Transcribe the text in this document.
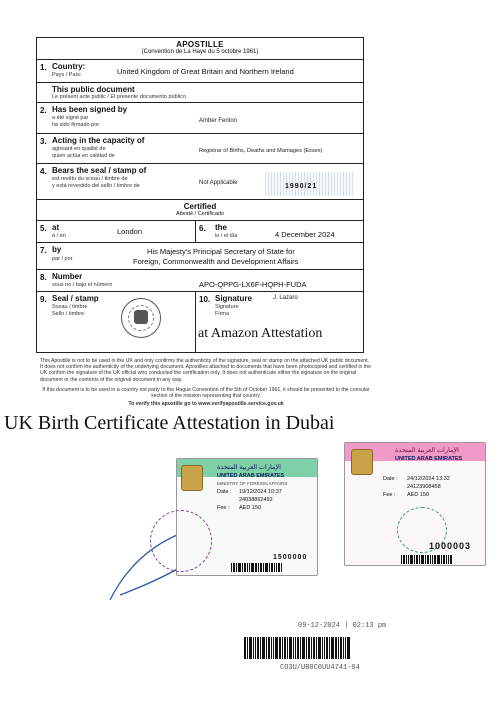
APOSTILLE
(Convention de La Haye du 5 octobre 1961)
1. Country:
Pays / País:	United Kingdom of Great Britain and Northern Ireland
This public document
Le présent acte public / El presente documento público
2. Has been signed by
a été signé par
ha sido firmado por
Amber Fenton
3. Acting in the capacity of
agissant en qualité de
quien actúa en calidad de
Registrar of Births, Deaths and Marriages (Essex)
4. Bears the seal / stamp of
est revêtu du sceau / timbre de
y está revestido del sello / timbre de	Not Applicable	1990/21
Certified
Attesté / Certificado
5. at
à / en	London	6. the
le / el día	4 December 2024
7. by
par / por
His Majesty's Principal Secretary of State for
Foreign, Commonwealth and Development Affairs
8. Number
sous no / bajo el número	APO-QPPG-LX6F-HQPH-FUDA
9. Seal / stamp
Sceau / timbre
Sello / timbre
10. Signature
Signature
Firma
J. Lazaro
at Amazon Attestation
This Apostille is not to be used in the UK and only confirms the authenticity of the signature, seal or stamp on the attached UK public document. It does not confirm the authenticity of the underlying document. Apostilles attached to documents that have been photocopied and certified in the UK confirm the signature of the UK official who conducted the certification only. It does not authenticate either the signature on the original document or the contents of the original document in any way.
If this document is to be used in a country not party to the Hague Convention of the 5th of October 1961, it should be presented to the consular section of the mission representing that country.
To verify this apostille go to www.verifyapostille.service.gov.uk
UK Birth Certificate Attestation in Dubai
الإمارات العربية المتحدة
UNITED ARAB EMIRATES
MINISTRY OF FOREIGN AFFAIRS
Date : 19/12/2024 10:37
24038862492
Fee : AED 150
1500000
الإمارات العربية المتحدة
UNITED ARAB EMIRATES
Date : 24/12/2024 13:32
24123908458
Fee : AED 150
1000003
09-12-2024 | 02:13 pm
CO3U/UB0C0UU4741-04
